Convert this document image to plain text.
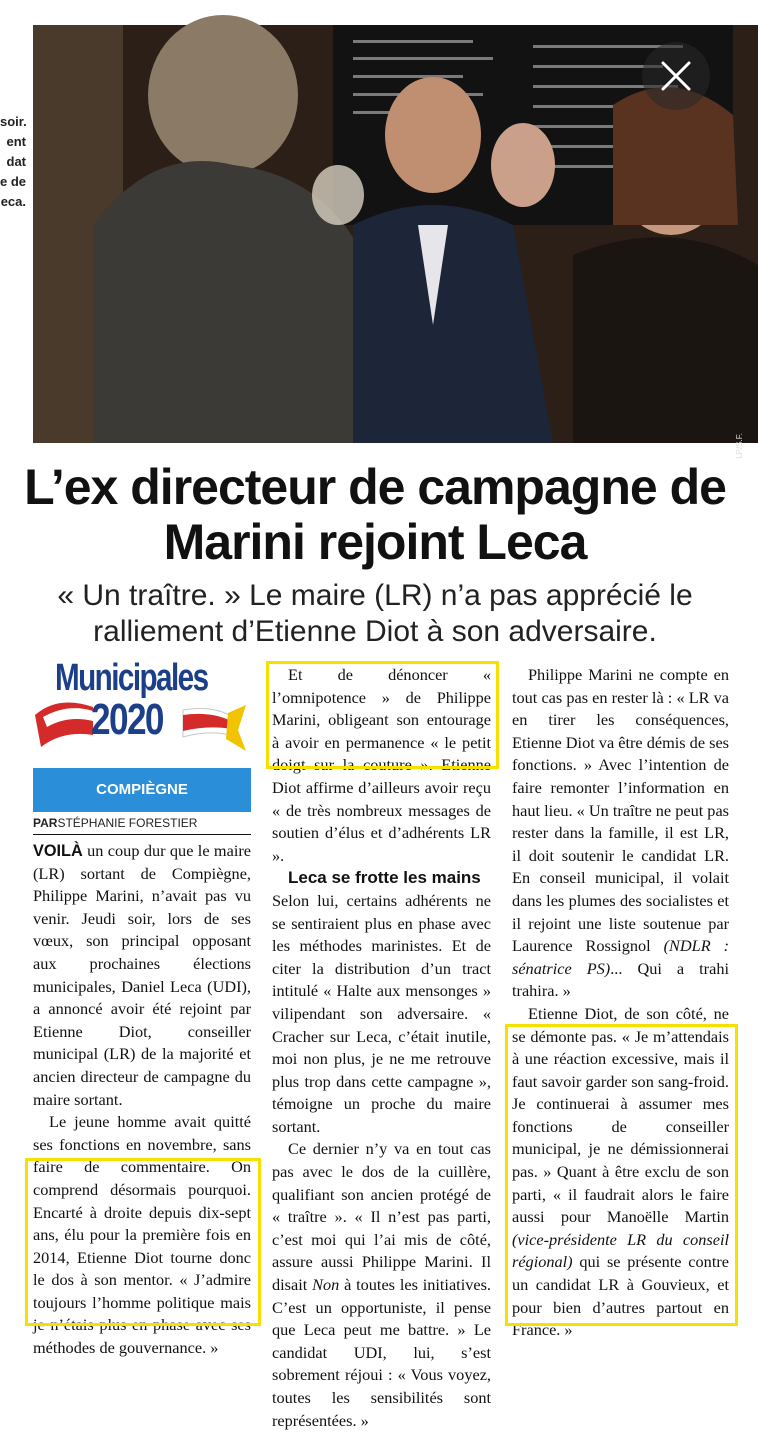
soir.
ent
dat
e de
eca.
LP/S.F.
L’ex directeur de campagne de Marini rejoint Leca
« Un traître. » Le maire (LR) n’a pas apprécié le ralliement d’Etienne Diot à son adversaire.
Municipales
2020
COMPIÈGNE
PARSTÉPHANIE FORESTIER

VOILÀ un coup dur que le maire (LR) sortant de Compiègne, Philippe Marini, n’avait pas vu venir. Jeudi soir, lors de ses vœux, son principal opposant aux prochaines élections municipales, Daniel Leca (UDI), a annoncé avoir été rejoint par Etienne Diot, conseiller municipal (LR) de la majorité et ancien directeur de campagne du maire sortant.

Le jeune homme avait quitté ses fonctions en novembre, sans faire de commentaire. On comprend désormais pourquoi. Encarté à droite depuis dix-sept ans, élu pour la première fois en 2014, Etienne Diot tourne donc le dos à son mentor. « J’admire toujours l’homme politique mais je n’étais plus en phase avec ses méthodes de gouvernance. »

Et de dénoncer « l’omnipotence » de Philippe Marini, obligeant son entourage à avoir en permanence « le petit doigt sur la couture ». Etienne Diot affirme d’ailleurs avoir reçu « de très nombreux messages de soutien d’élus et d’adhérents LR ».

Leca se frotte les mains

Selon lui, certains adhérents ne se sentiraient plus en phase avec les méthodes marinistes. Et de citer la distribution d’un tract intitulé « Halte aux mensonges » vilipendant son adversaire. « Cracher sur Leca, c’était inutile, moi non plus, je ne me retrouve plus trop dans cette campagne », témoigne un proche du maire sortant.

Ce dernier n’y va en tout cas pas avec le dos de la cuillère, qualifiant son ancien protégé de « traître ». « Il n’est pas parti, c’est moi qui l’ai mis de côté, assure aussi Philippe Marini. Il disait Non à toutes les initiatives. C’est un opportuniste, il pense que Leca peut me battre. » Le candidat UDI, lui, s’est sobrement réjoui : « Vous voyez, toutes les sensibilités sont représentées. »

Philippe Marini ne compte en tout cas pas en rester là : « LR va en tirer les conséquences, Etienne Diot va être démis de ses fonctions. » Avec l’intention de faire remonter l’information en haut lieu. « Un traître ne peut pas rester dans la famille, il est LR, il doit soutenir le candidat LR. En conseil municipal, il volait dans les plumes des socialistes et il rejoint une liste soutenue par Laurence Rossignol (NDLR : sénatrice PS)... Qui a trahi trahira. »

Etienne Diot, de son côté, ne se démonte pas. « Je m’attendais à une réaction excessive, mais il faut savoir garder son sang-froid. Je continuerai à assumer mes fonctions de conseiller municipal, je ne démissionnerai pas. » Quant à être exclu de son parti, « il faudrait alors le faire aussi pour Manoëlle Martin (vice-présidente LR du conseil régional) qui se présente contre un candidat LR à Gouvieux, et pour bien d’autres partout en France. »
